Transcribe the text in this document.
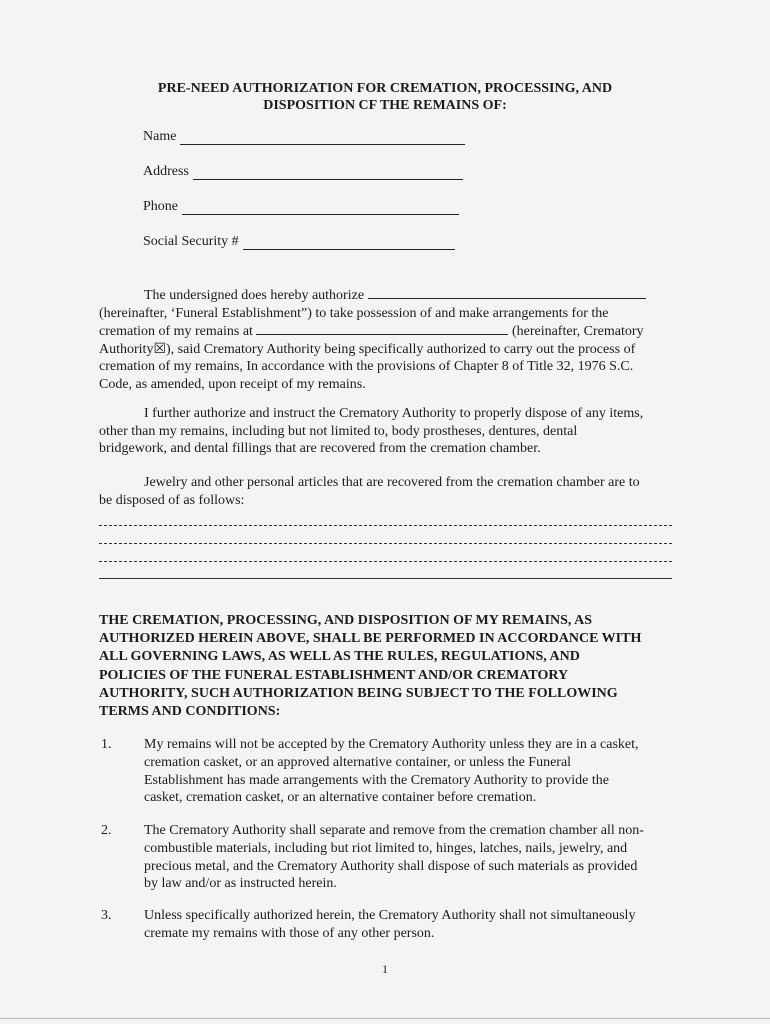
PRE-NEED AUTHORIZATION FOR CREMATION, PROCESSING, AND
DISPOSITION CF THE REMAINS OF:
Name
Address
Phone
Social Security #
The undersigned does hereby authorize
(hereinafter, ‘Funeral Establishment”) to take possession of and make arrangements for the
cremation of my remains at	(hereinafter, Crematory
Authority☒), said Crematory Authority being specifically authorized to carry out the process of
cremation of my remains, In accordance with the provisions of Chapter 8 of Title 32, 1976 S.C.
Code, as amended, upon receipt of my remains.
I further authorize and instruct the Crematory Authority to properly dispose of any items,
other than my remains, including but not limited to, body prostheses, dentures, dental
bridgework, and dental fillings that are recovered from the cremation chamber.
Jewelry and other personal articles that are recovered from the cremation chamber are to
be disposed of as follows:
THE CREMATION, PROCESSING, AND DISPOSITION OF MY REMAINS, AS
AUTHORIZED HEREIN ABOVE, SHALL BE PERFORMED IN ACCORDANCE WITH
ALL GOVERNING LAWS, AS WELL AS THE RULES, REGULATIONS, AND
POLICIES OF THE FUNERAL ESTABLISHMENT AND/OR CREMATORY
AUTHORITY, SUCH AUTHORIZATION BEING SUBJECT TO THE FOLLOWING
TERMS AND CONDITIONS:
1. My remains will not be accepted by the Crematory Authority unless they are in a casket,
cremation casket, or an approved alternative container, or unless the Funeral
Establishment has made arrangements with the Crematory Authority to provide the
casket, cremation casket, or an alternative container before cremation.
2. The Crematory Authority shall separate and remove from the cremation chamber all non-
combustible materials, including but riot limited to, hinges, latches, nails, jewelry, and
precious metal, and the Crematory Authority shall dispose of such materials as provided
by law and/or as instructed herein.
3. Unless specifically authorized herein, the Crematory Authority shall not simultaneously
cremate my remains with those of any other person.
1
